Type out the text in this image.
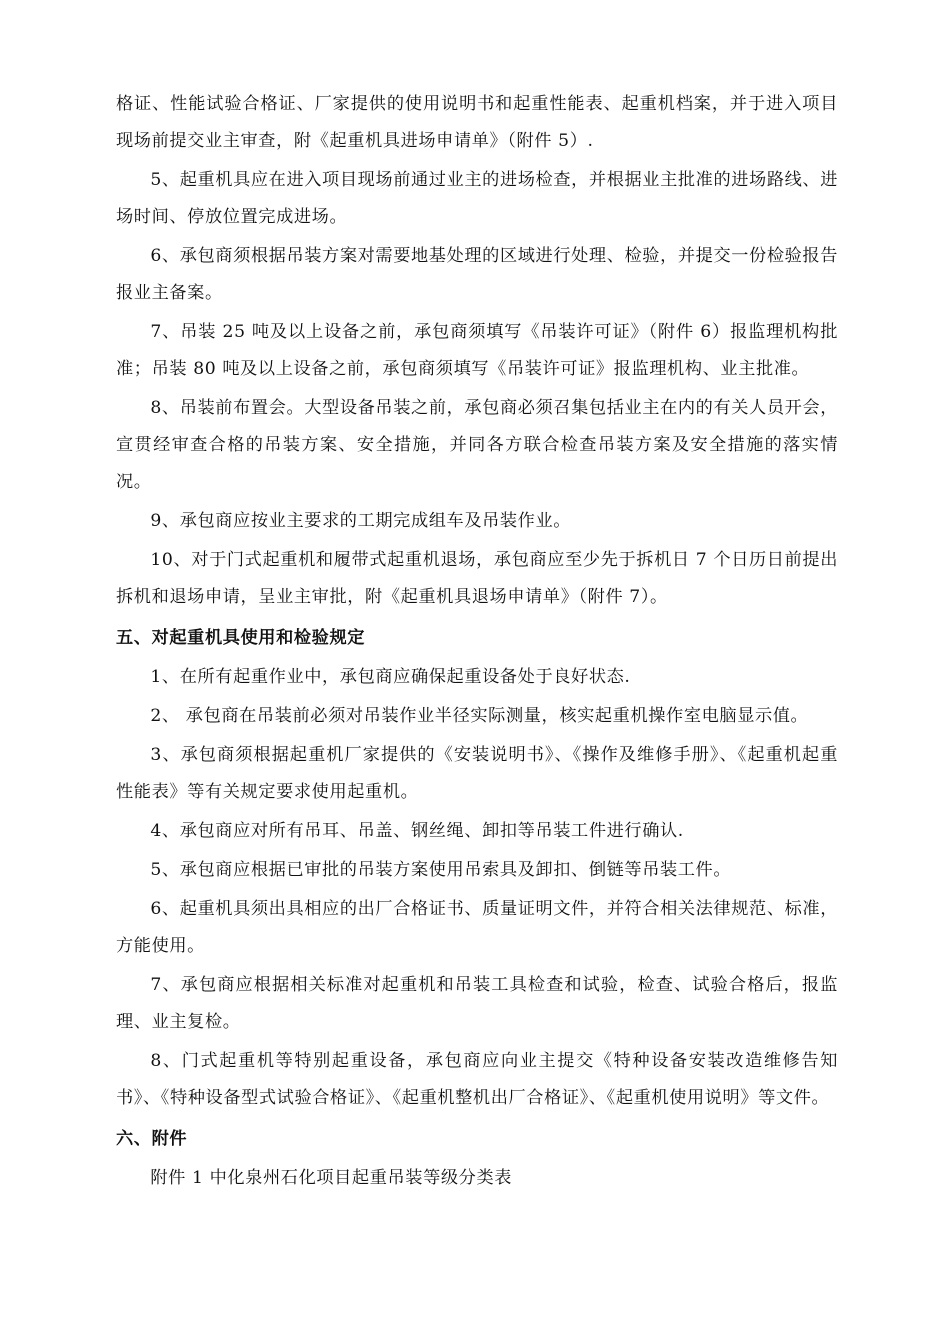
格证、性能试验合格证、厂家提供的使用说明书和起重性能表、起重机档案，并于进入项目现场前提交业主审查，附《起重机具进场申请单》（附件 5）.

5、起重机具应在进入项目现场前通过业主的进场检查，并根据业主批准的进场路线、进场时间、停放位置完成进场。

6、承包商须根据吊装方案对需要地基处理的区域进行处理、检验，并提交一份检验报告报业主备案。

7、吊装 25 吨及以上设备之前，承包商须填写《吊装许可证》（附件 6）报监理机构批准；吊装 80 吨及以上设备之前，承包商须填写《吊装许可证》报监理机构、业主批准。

8、吊装前布置会。大型设备吊装之前，承包商必须召集包括业主在内的有关人员开会，宣贯经审查合格的吊装方案、安全措施，并同各方联合检查吊装方案及安全措施的落实情况。

9、承包商应按业主要求的工期完成组车及吊装作业。

10、对于门式起重机和履带式起重机退场，承包商应至少先于拆机日 7 个日历日前提出拆机和退场申请，呈业主审批，附《起重机具退场申请单》（附件 7）。

五、对起重机具使用和检验规定

1、在所有起重作业中，承包商应确保起重设备处于良好状态.

2、 承包商在吊装前必须对吊装作业半径实际测量，核实起重机操作室电脑显示值。

3、承包商须根据起重机厂家提供的《安装说明书》、《操作及维修手册》、《起重机起重性能表》等有关规定要求使用起重机。

4、承包商应对所有吊耳、吊盖、钢丝绳、卸扣等吊装工件进行确认.

5、承包商应根据已审批的吊装方案使用吊索具及卸扣、倒链等吊装工件。

6、起重机具须出具相应的出厂合格证书、质量证明文件，并符合相关法律规范、标准，方能使用。

7、承包商应根据相关标准对起重机和吊装工具检查和试验，检查、试验合格后，报监理、业主复检。

8、门式起重机等特别起重设备，承包商应向业主提交《特种设备安装改造维修告知书》、《特种设备型式试验合格证》、《起重机整机出厂合格证》、《起重机使用说明》等文件。

六、附件

附件 1 中化泉州石化项目起重吊装等级分类表
